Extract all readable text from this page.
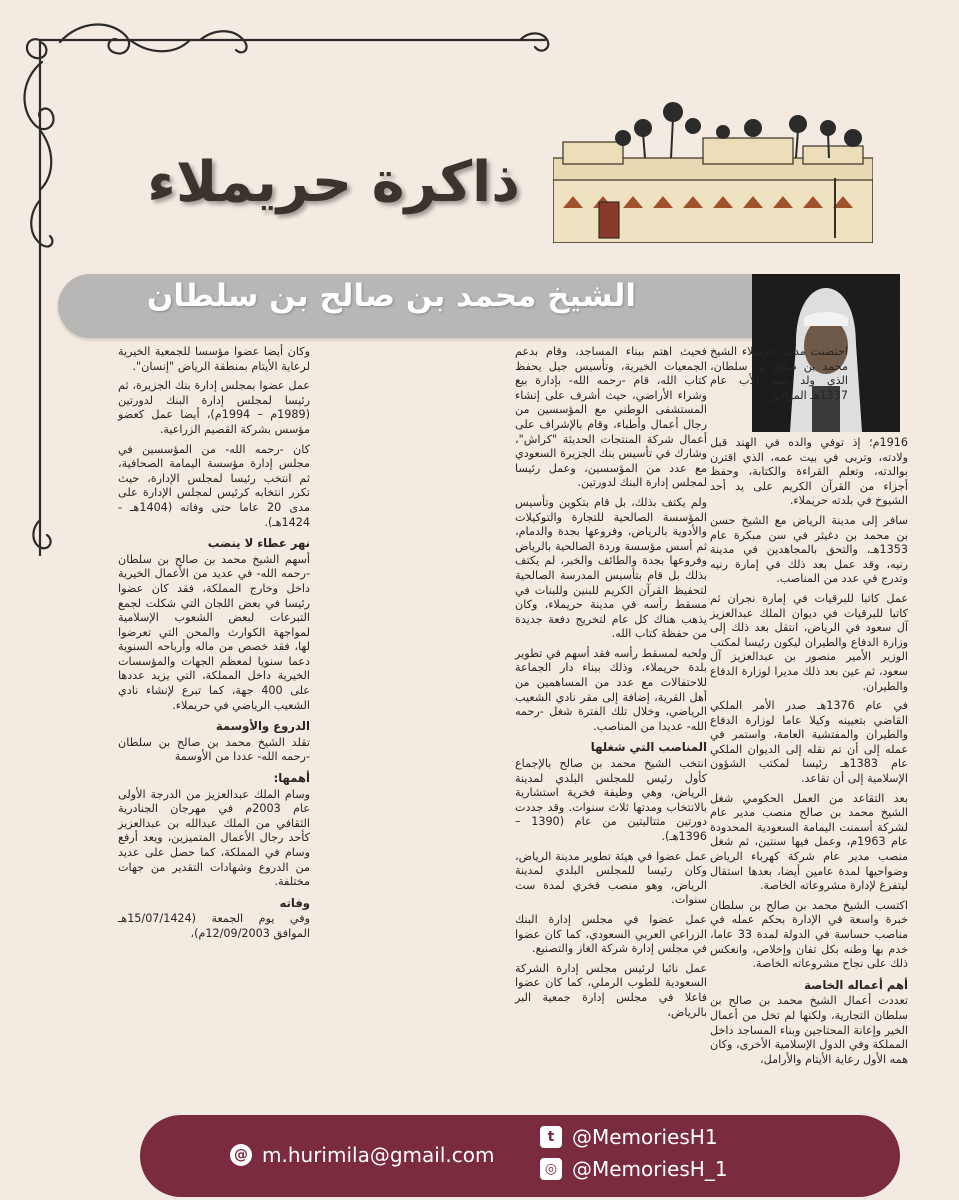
ذاكرة حريملاء
الشيخ محمد بن صالح بن سلطان

احتضنت مدينة حريملاء الشيخ محمد بن صالح بن سلطان، الذي ولد يتيم الأب عام 1337هـ الموافق

1916م؛ إذ توفي والده في الهند قبل ولادته، وتربى في بيت عمه، الذي اقترن بوالدته، وتعلم القراءة والكتابة، وحفظ أجزاء من القرآن الكريم على يد أحد الشيوخ في بلدته حريملاء.

سافر إلى مدينة الرياض مع الشيخ حسن بن محمد بن دغيثر في سن مبكرة عام 1353هـ، والتحق بالمجاهدين في مدينة رنيه، وقد عمل بعد ذلك في إمارة رنيه وتدرج في عدد من المناصب.

عمل كاتبا للبرقيات في إمارة نجران ثم كاتبا للبرقيات في ديوان الملك عبدالعزيز آل سعود في الرياض، انتقل بعد ذلك إلى وزارة الدفاع والطيران ليكون رئيسا لمكتب الوزير الأمير منصور بن عبدالعزيز آل سعود، ثم عين بعد ذلك مديرا لوزارة الدفاع والطيران.

في عام 1376هـ صدر الأمر الملكي القاضي بتعيينه وكيلا عاما لوزارة الدفاع والطيران والمفتشية العامة، واستمر في عمله إلى أن تم نقله إلى الديوان الملكي عام 1383هـ رئيسا لمكتب الشؤون الإسلامية إلى أن تقاعد.

بعد التقاعد من العمل الحكومي شغل الشيخ محمد بن صالح منصب مدير عام لشركة أسمنت اليمامة السعودية المحدودة عام 1963م، وعمل فيها سنتين، ثم شغل منصب مدير عام شركة كهرباء الرياض وضواحيها لمدة عامين أيضا، بعدها استقال ليتفرغ لإدارة مشروعاته الخاصة.

اكتسب الشيخ محمد بن صالح بن سلطان خبرة واسعة في الإدارة بحكم عمله في مناصب حساسة في الدولة لمدة 33 عاما، خدم بها وطنه بكل تفان وإخلاص، وانعكس ذلك على نجاح مشروعاته الخاصة.

أهم أعماله الخاصة

تعددت أعمال الشيخ محمد بن صالح بن سلطان التجارية، ولكنها لم تخل من أعمال الخير وإعانة المحتاجين وبناء المساجد داخل المملكة وفي الدول الإسلامية الأخرى، وكان همه الأول رعاية الأيتام والأرامل،

فحيث اهتم ببناء المساجد، وقام بدعم الجمعيات الخيرية، وتأسيس جيل يحفظ كتاب الله، قام -رحمه الله- بإدارة بيع وشراء الأراضي، حيث أشرف على إنشاء المستشفى الوطني مع المؤسسين من رجال أعمال وأطباء، وقام بالإشراف على أعمال شركة المنتجات الحديثة "كراش"، وشارك في تأسيس بنك الجزيرة السعودي مع عدد من المؤسسين، وعمل رئيسا لمجلس إدارة البنك لدورتين.

ولم يكتف بذلك، بل قام بتكوين وتأسيس المؤسسة الصالحية للتجارة والتوكيلات والأدوية بالرياض، وفروعها بجدة والدمام، ثم أسس مؤسسة وردة الصالحية بالرياض وفروعها بجدة والطائف والخبر، لم يكتف بذلك بل قام بتأسيس المدرسة الصالحية لتحفيظ القرآن الكريم للبنين وللبنات في مسقط رأسه في مدينة حريملاء، وكان يذهب هناك كل عام لتخريج دفعة جديدة من حفظة كتاب الله.

ولحبه لمسقط رأسه فقد أسهم في تطوير بلدة حريملاء، وذلك ببناء دار الجماعة للاحتفالات مع عدد من المساهمين من أهل القرية، إضافة إلى مقر نادي الشعيب الرياضي، وخلال تلك الفترة شغل -رحمه الله- عديدا من المناصب.

المناصب التي شغلها

انتخب الشيخ محمد بن صالح بالإجماع كأول رئيس للمجلس البلدي لمدينة الرياض، وهي وظيفة فخرية استشارية بالانتخاب ومدتها ثلاث سنوات. وقد جددت دورتين متتاليتين من عام (1390 – 1396هـ).

عمل عضوا في هيئة تطوير مدينة الرياض، وكان رئيسا للمجلس البلدي لمدينة الرياض، وهو منصب فخري لمدة ست سنوات.

عمل عضوا في مجلس إدارة البنك الزراعي العربي السعودي، كما كان عضوا في مجلس إدارة شركة الغاز والتصنيع.

عمل نائبا لرئيس مجلس إدارة الشركة السعودية للطوب الرملي، كما كان عضوا فاعلا في مجلس إدارة جمعية البر بالرياض،

وكان أيضا عضوا مؤسسا للجمعية الخيرية لرعاية الأيتام بمنطقة الرياض "إنسان".

عمل عضوا بمجلس إدارة بنك الجزيرة، ثم رئيسا لمجلس إدارة البنك لدورتين (1989م – 1994م)، أيضا عمل كعضو مؤسس بشركة القصيم الزراعية.

كان -رحمه الله- من المؤسسين في مجلس إدارة مؤسسة اليمامة الصحافية، ثم انتخب رئيسا لمجلس الإدارة، حيث تكرر انتخابه كرئيس لمجلس الإدارة على مدى 20 عاما حتى وفاته (1404هـ - 1424هـ).

نهر عطاء لا ينضب

أسهم الشيخ محمد بن صالح بن سلطان -رحمه الله- في عديد من الأعمال الخيرية داخل وخارج المملكة، فقد كان عضوا رئيسا في بعض اللجان التي شكلت لجمع التبرعات لبعض الشعوب الإسلامية لمواجهة الكوارث والمحن التي تعرضوا لها، فقد خصص من ماله وأرباحه السنوية دعما سنويا لمعظم الجهات والمؤسسات الخيرية داخل المملكة، التي يزيد عددها على 400 جهة، كما تبرع لإنشاء نادي الشعيب الرياضي في حريملاء.

الدروع والأوسمة

تقلد الشيخ محمد بن صالح بن سلطان -رحمه الله- عددا من الأوسمة

أهمها:

وسام الملك عبدالعزيز من الدرجة الأولى عام 2003م في مهرجان الجنادرية الثقافي من الملك عبدالله بن عبدالعزيز كأحد رجال الأعمال المتميزين، ويعد أرفع وسام في المملكة، كما حصل على عديد من الدروع وشهادات التقدير من جهات مختلفة.

وفاته

وفي يوم الجمعة (15/07/1424هـ الموافق 12/09/2003م)،

@ m.hurimila@gmail.com
t @MemoriesH1
◎ @MemoriesH_1
